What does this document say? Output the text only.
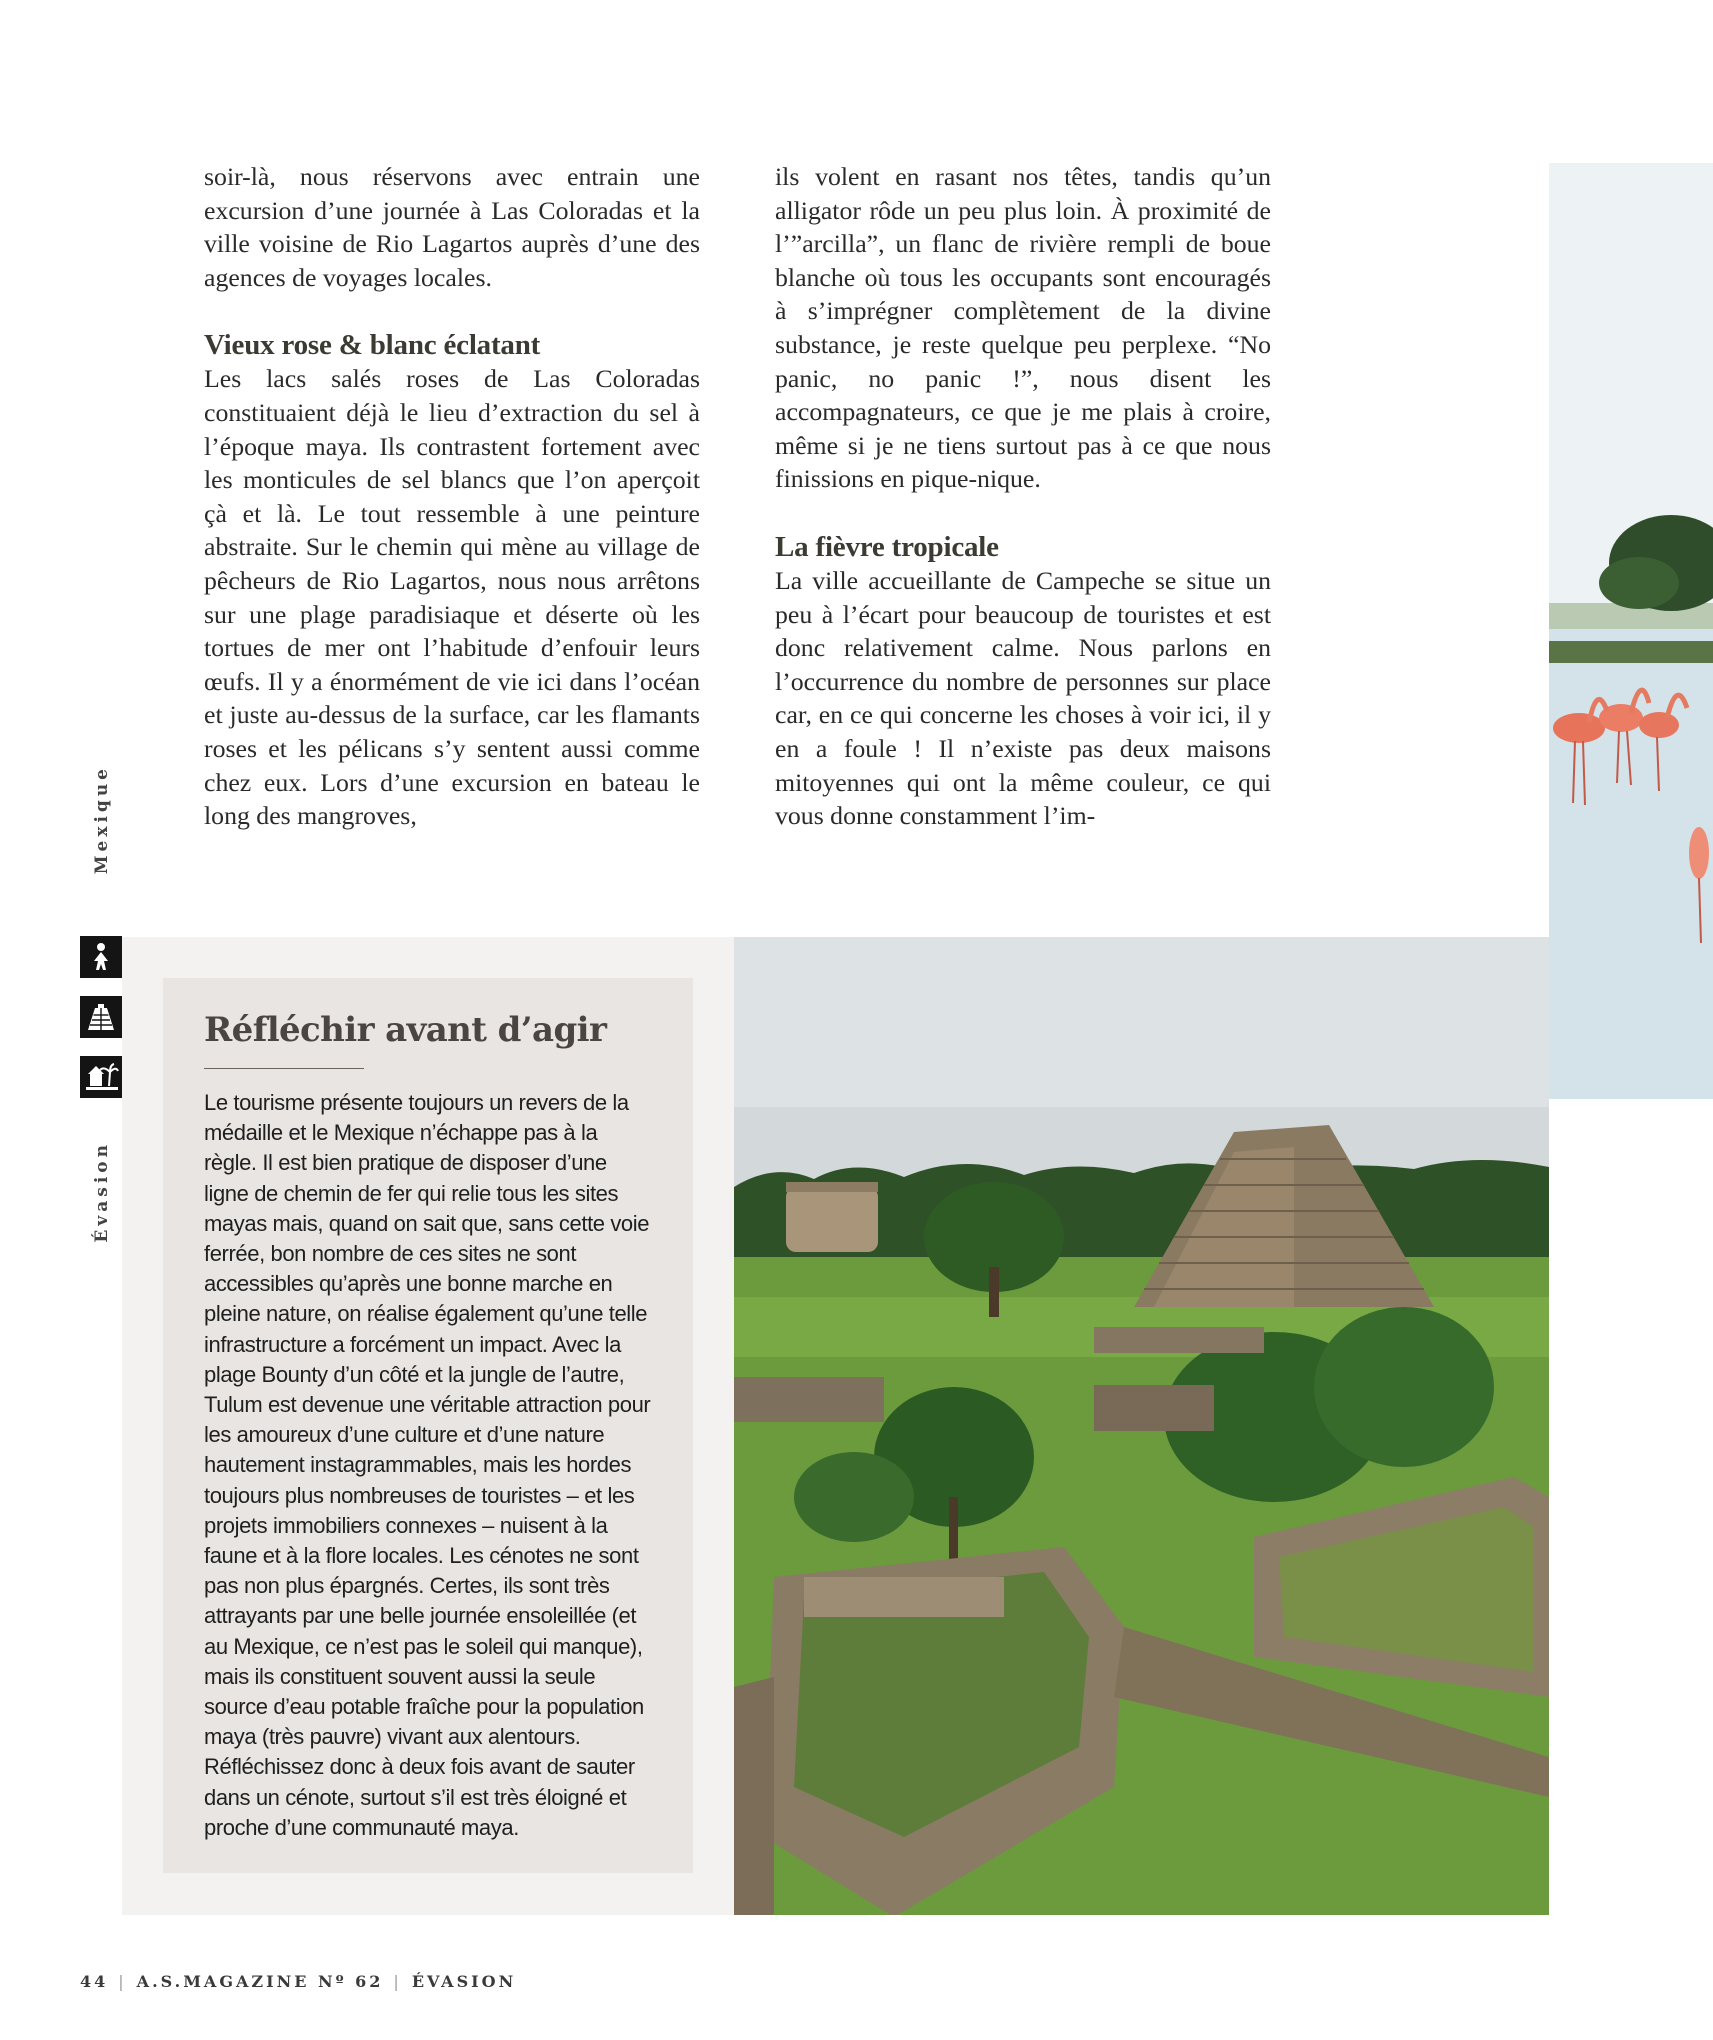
soir-là, nous réservons avec entrain une excursion d’une journée à Las Coloradas et la ville voisine de Rio Lagartos auprès d’une des agences de voyages locales.

Vieux rose & blanc éclatant

Les lacs salés roses de Las Coloradas constituaient déjà le lieu d’extraction du sel à l’époque maya. Ils contrastent fortement avec les monticules de sel blancs que l’on aperçoit çà et là. Le tout ressemble à une peinture abstraite. Sur le chemin qui mène au village de pêcheurs de Rio Lagartos, nous nous arrêtons sur une plage paradisiaque et déserte où les tortues de mer ont l’habitude d’enfouir leurs œufs. Il y a énormément de vie ici dans l’océan et juste au-dessus de la surface, car les flamants roses et les pélicans s’y sentent aussi comme chez eux. Lors d’une excursion en bateau le long des mangroves,

ils volent en rasant nos têtes, tandis qu’un alligator rôde un peu plus loin. À proximité de l’”arcilla”, un flanc de rivière rempli de boue blanche où tous les occupants sont encouragés à s’imprégner complètement de la divine substance, je reste quelque peu perplexe. “No panic, no panic !”, nous disent les accompagnateurs, ce que je me plais à croire, même si je ne tiens surtout pas à ce que nous finissions en pique-nique.

La fièvre tropicale

La ville accueillante de Campeche se situe un peu à l’écart pour beaucoup de touristes et est donc relativement calme. Nous parlons en l’occurrence du nombre de personnes sur place car, en ce qui concerne les choses à voir ici, il y en a foule ! Il n’existe pas deux maisons mitoyennes qui ont la même couleur, ce qui vous donne constamment l’im-

Réfléchir avant d’agir

Le tourisme présente toujours un revers de la médaille et le Mexique n’échappe pas à la règle. Il est bien pratique de disposer d’une ligne de chemin de fer qui relie tous les sites mayas mais, quand on sait que, sans cette voie ferrée, bon nombre de ces sites ne sont accessibles qu’après une bonne marche en pleine nature, on réalise également qu’une telle infrastructure a forcément un impact. Avec la plage Bounty d’un côté et la jungle de l’autre, Tulum est devenue une véritable attraction pour les amoureux d’une culture et d’une nature hautement instagrammables, mais les hordes toujours plus nombreuses de touristes – et les projets immobiliers connexes – nuisent à la faune et à la flore locales. Les cénotes ne sont pas non plus épargnés. Certes, ils sont très attrayants par une belle journée ensoleillée (et au Mexique, ce n’est pas le soleil qui manque), mais ils constituent souvent aussi la seule source d’eau potable fraîche pour la population maya (très pauvre) vivant aux alentours. Réfléchissez donc à deux fois avant de sauter dans un cénote, surtout s’il est très éloigné et proche d’une communauté maya.

Mexique
Évasion
44 | A.S.MAGAZINE Nº 62 | ÉVASION
